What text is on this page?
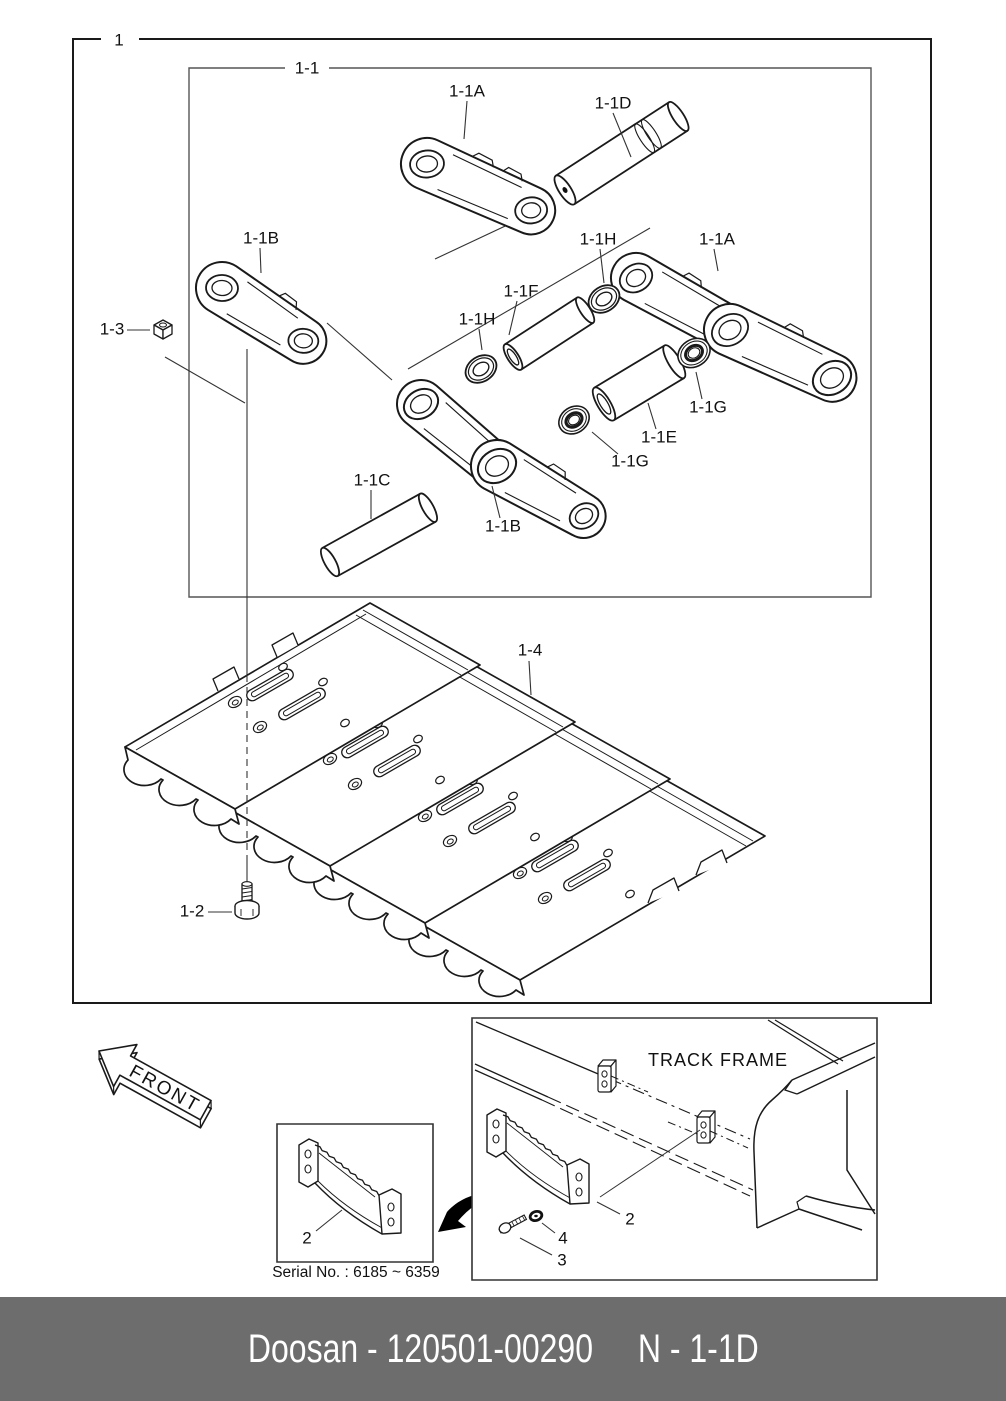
FRONT
1
1-1
1-1A
1-1D
1-1B	1-1H	1-1A
1-1F
1-1H
1-3
1-1G
1-1E
1-1G
1-1C
1-1B
1-4
1-2
2
2
4
3
TRACK FRAME
Serial No. : 6185 ~ 6359
Doosan - 120501-00290 N - 1-1D
